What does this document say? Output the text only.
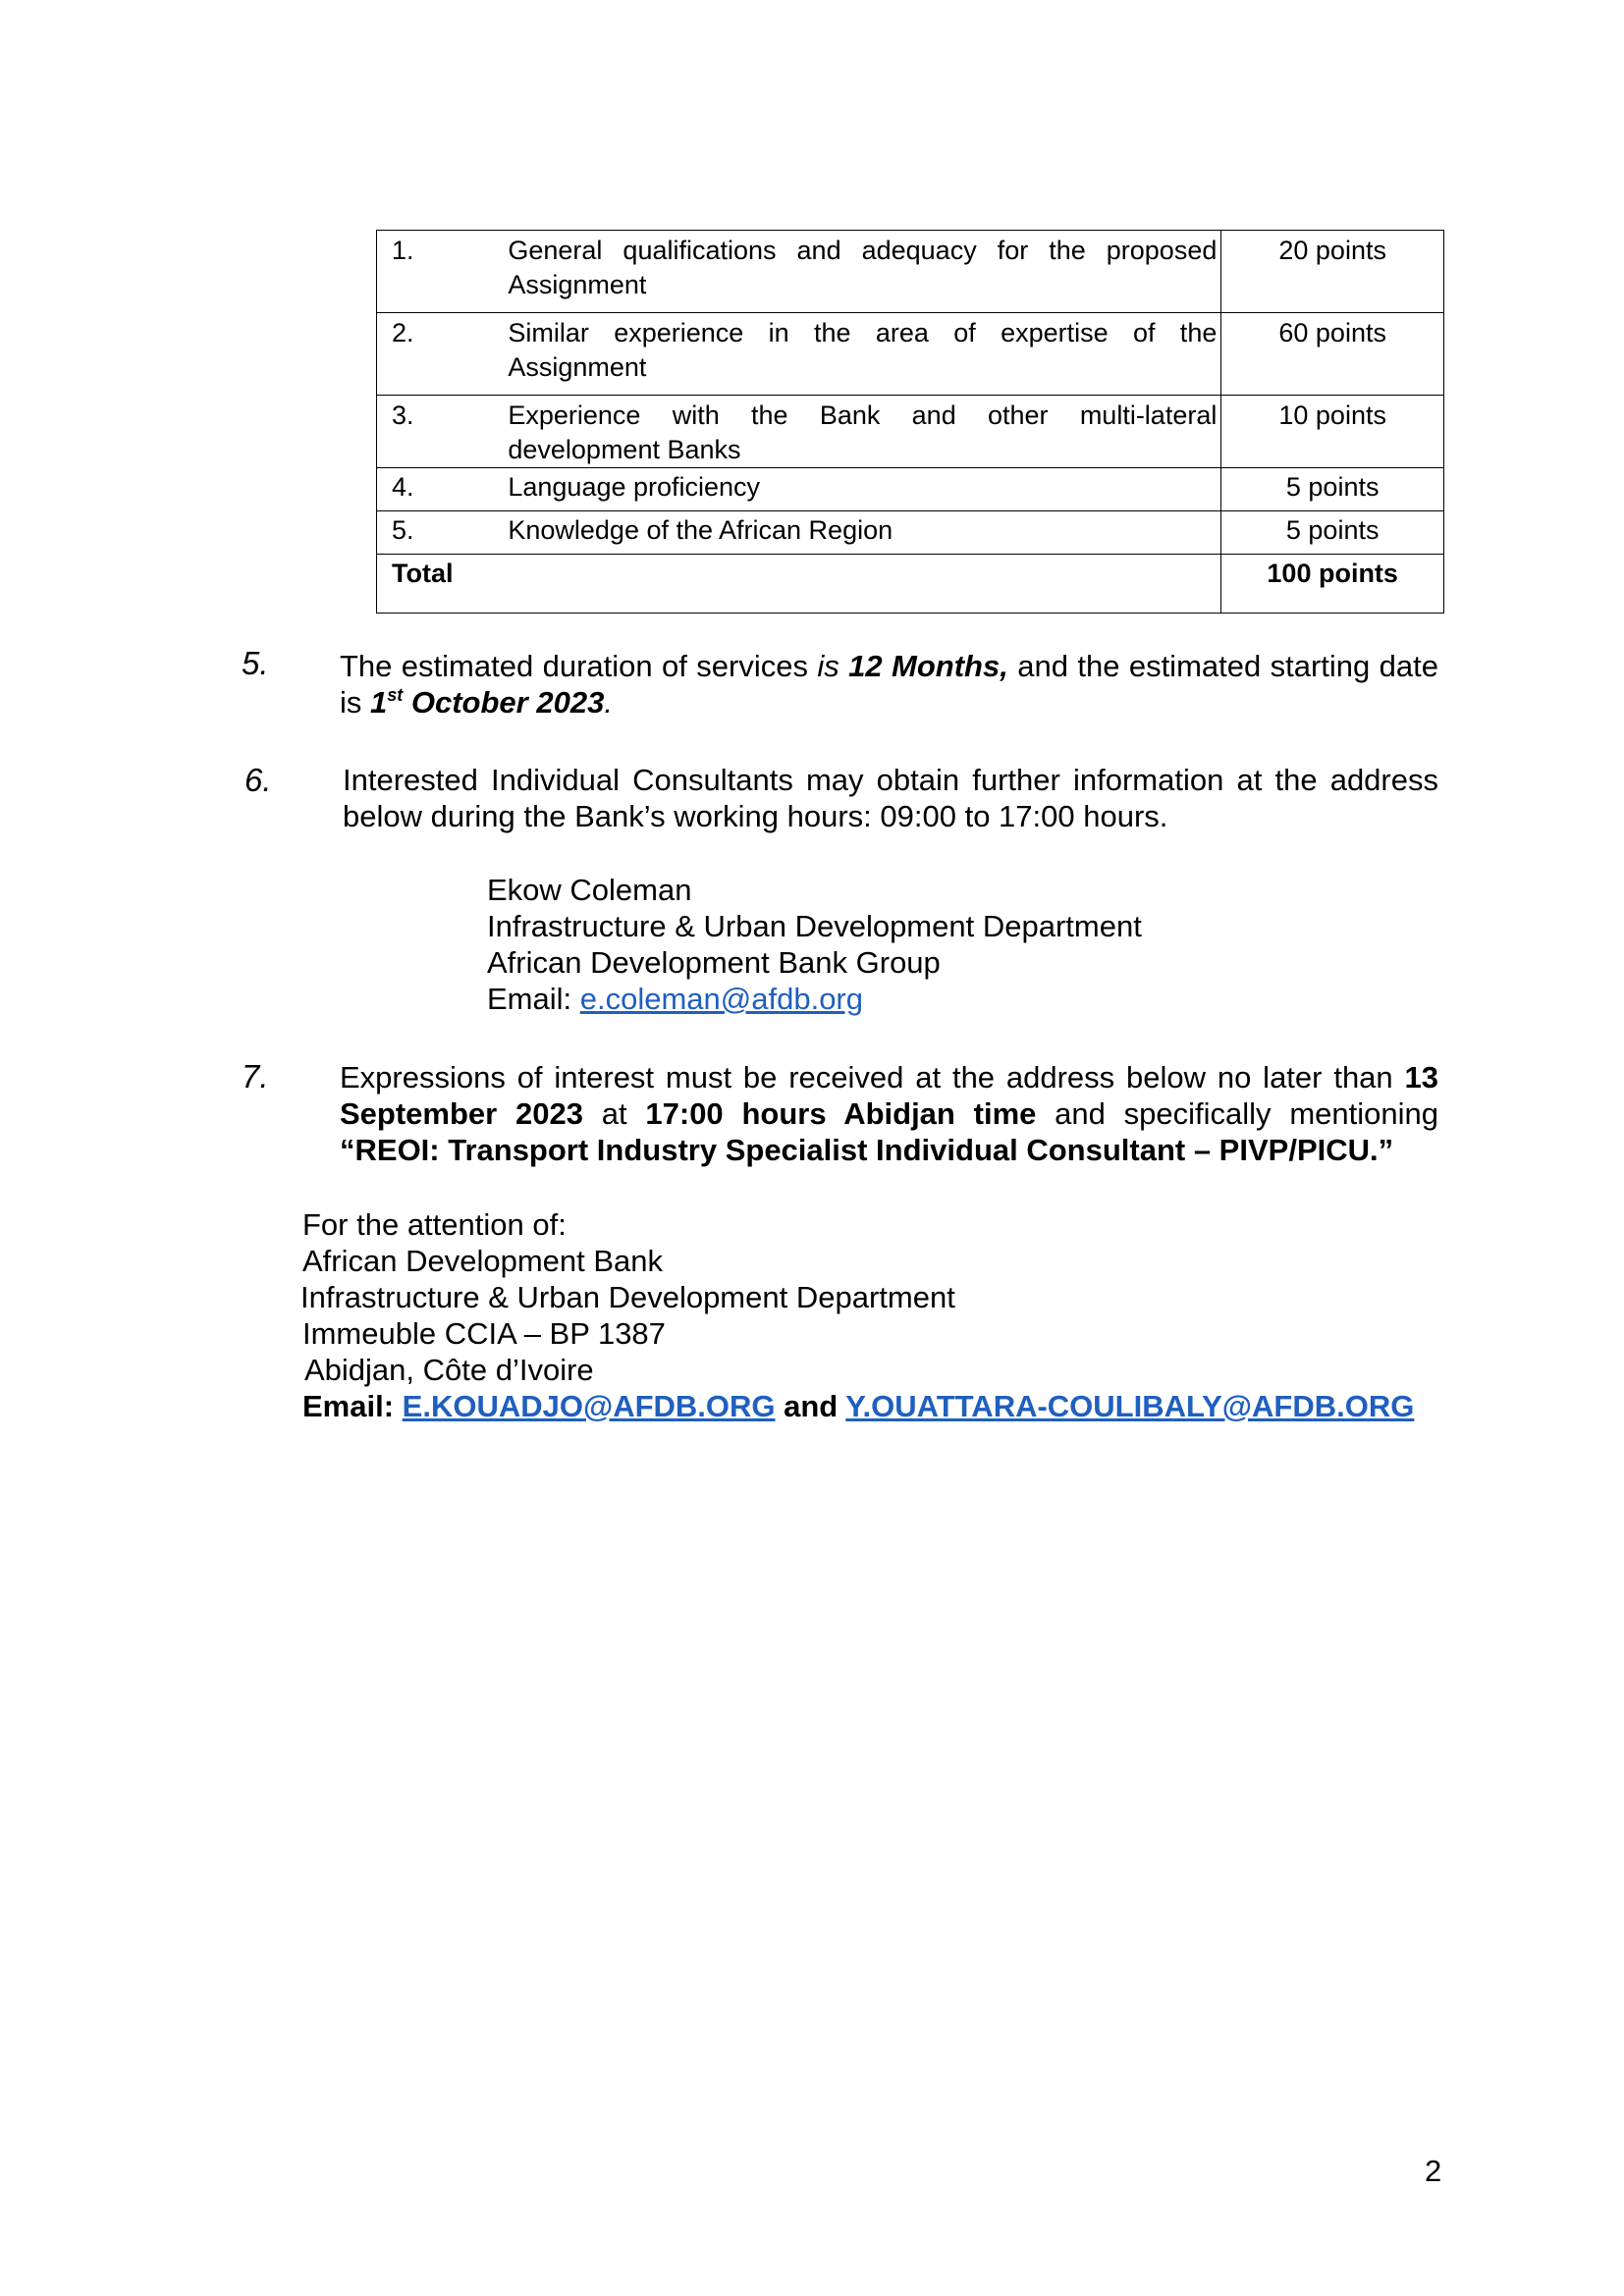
1.	General qualifications and adequacy for the proposed Assignment	20 points
2.	Similar experience in the area of expertise of the Assignment	60 points
3.	Experience with the Bank and other multi-lateral development Banks	10 points
4.	Language proficiency	5 points
5.	Knowledge of the African Region	5 points
Total		100 points
5. The estimated duration of services is 12 Months, and the estimated starting date is 1st October 2023.
6. Interested Individual Consultants may obtain further information at the address below during the Bank’s working hours: 09:00 to 17:00 hours.
Ekow Coleman
Infrastructure & Urban Development Department
African Development Bank Group
Email: e.coleman@afdb.org
7. Expressions of interest must be received at the address below no later than 13 September 2023 at 17:00 hours Abidjan time and specifically mentioning “REOI: Transport Industry Specialist Individual Consultant – PIVP/PICU.”
For the attention of:
African Development Bank
Infrastructure & Urban Development Department
Immeuble CCIA – BP 1387
Abidjan, Côte d’Ivoire
Email: E.KOUADJO@AFDB.ORG and Y.OUATTARA-COULIBALY@AFDB.ORG
2
